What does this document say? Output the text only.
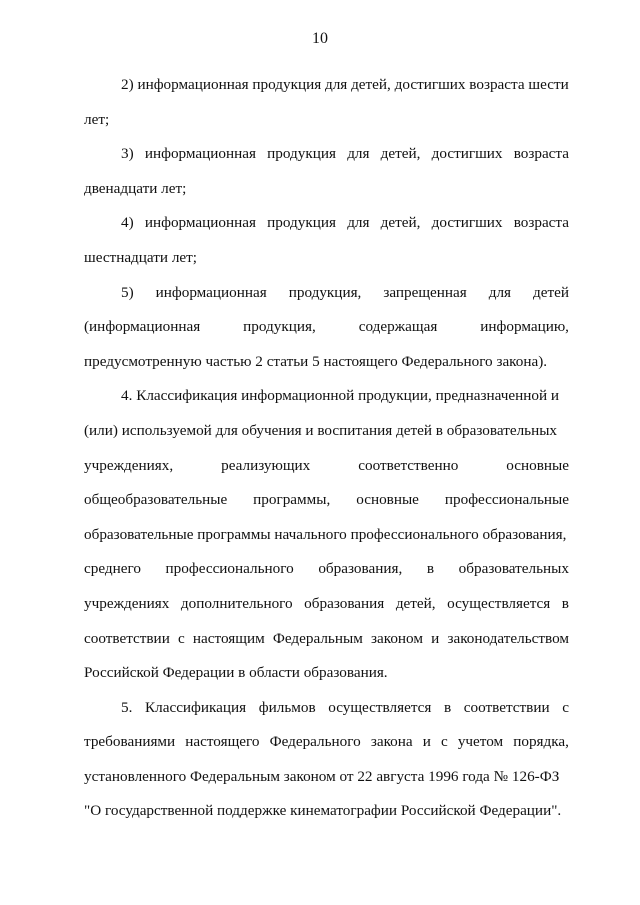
10
2) информационная продукция для детей, достигших возраста шести
лет;
3) информационная продукция для детей, достигших возраста
двенадцати лет;
4) информационная продукция для детей, достигших возраста
шестнадцати лет;
5) информационная продукция, запрещенная для детей
(информационная	продукция,	содержащая	информацию,
предусмотренную частью 2 статьи 5 настоящего Федерального закона).
4. Классификация информационной продукции, предназначенной и
(или) используемой для обучения и воспитания детей в образовательных
учреждениях,	реализующих	соответственно	основные
общеобразовательные программы, основные профессиональные
образовательные программы начального профессионального образования,
среднего профессионального образования, в образовательных
учреждениях дополнительного образования детей, осуществляется в
соответствии с настоящим Федеральным законом и законодательством
Российской Федерации в области образования.
5. Классификация фильмов осуществляется в соответствии с
требованиями настоящего Федерального закона и с учетом порядка,
установленного Федеральным законом от 22 августа 1996 года № 126-ФЗ
"О государственной поддержке кинематографии Российской Федерации".
